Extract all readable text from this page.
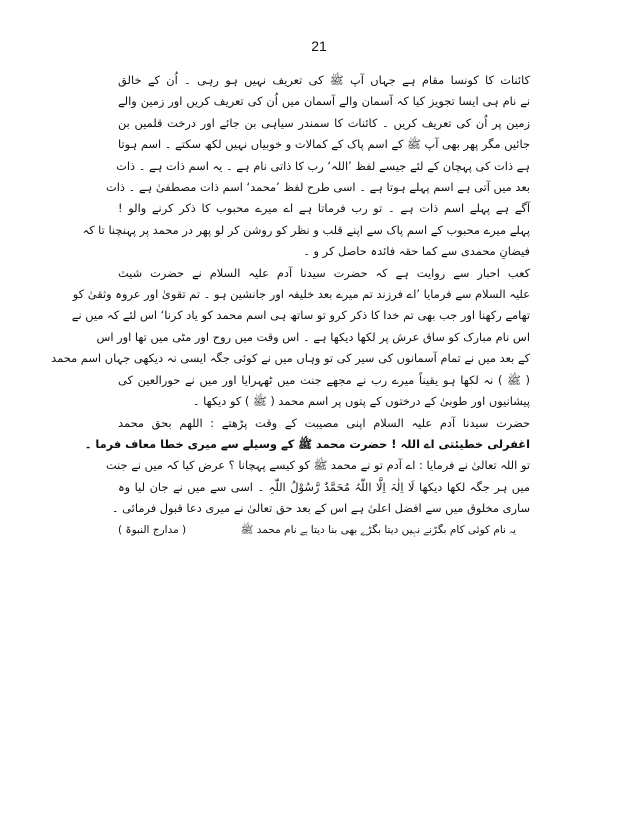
21
کائنات کا کونسا مقام ہے جہاں آپ ﷺ کی تعریف نہیں ہو رہی ۔ اُن کے خالق
نے نام ہی ایسا تجویز کیا کہ آسمان والے آسمان میں اُن کی تعریف کریں اور زمین والے
زمین پر اُن کی تعریف کریں ۔ کائنات کا سمندر سیاہی بن جائے اور درخت قلمیں بن
جائیں مگر پھر بھی آپ ﷺ کے اسم پاک کے کمالات و خوبیاں نہیں لکھ سکتے ۔ اسم ہوتا
ہے ذات کی پہچان کے لئے جیسے لفظ ’اللہ‘ رب کا ذاتی نام ہے ۔ یہ اسم ذات ہے ۔ ذات
بعد میں آتی ہے اسم پہلے ہوتا ہے ۔ اسی طرح لفظ ’محمد‘ اسم ذات مصطفیٰ ہے ۔ ذات
آگے ہے پہلے اسم ذات ہے ۔ تو رب فرماتا ہے اے میرے محبوب کا ذکر کرنے والو !
پہلے میرے محبوب کے اسم پاک سے اپنے قلب و نظر کو روشن کر لو پھر در محمد پر پہنچنا تا کہ
فیضانِ محمدی سے کما حقہ فائدہ حاصل کر و ۔
کعب احبار سے روایت ہے کہ حضرت سیدنا آدم علیہ السلام نے حضرت شیث
علیہ السلام سے فرمایا ’اے فرزند تم میرے بعد خلیفہ اور جانشین ہو ۔ تم تقویٰ اور عروہ وثقیٰ کو
تھامے رکھنا اور جب بھی تم خدا کا ذکر کرو تو ساتھ ہی اسم محمد کو یاد کرنا‘ اس لئے کہ میں نے
اس نام مبارک کو ساق عرش پر لکھا دیکھا ہے ۔ اس وقت میں روح اور مٹی میں تھا اور اس
کے بعد میں نے تمام آسمانوں کی سیر کی تو وہاں میں نے کوئی جگہ ایسی نہ دیکھی جہاں اسم محمد
( ﷺ ) نہ لکھا ہو یقیناً میرے رب نے مجھے جنت میں ٹھہرایا اور میں نے حورالعین کی
پیشانیوں اور طوبیٰ کے درختوں کے پتوں پر اسم محمد ( ﷺ ) کو دیکھا ۔
حضرت سیدنا آدم علیہ السلام اپنی مصیبت کے وقت پڑھتے : اللھم بحق محمد
اغفرلی خطیئتی اے اللہ ! حضرت محمد ﷺ کے وسیلے سے میری خطا معاف فرما ۔
تو اللہ تعالیٰ نے فرمایا : اے آدم تو نے محمد ﷺ کو کیسے پہچانا ؟ عرض کیا کہ میں نے جنت
میں ہر جگہ لکھا دیکھا لَا اِلٰہَ اِلَّا اللّٰہُ مُحَمَّدٌ رَّسُوْلُ اللّٰہِ ۔ اسی سے میں نے جان لیا وہ
ساری مخلوق میں سے افضل اعلیٰ ہے اس کے بعد حق تعالیٰ نے میری دعا قبول فرمائی ۔
یہ نام کوئی کام بگڑنے نہیں دیتا بگڑے بھی بنا دیتا ہے نام محمد ﷺ
( مدارج النبوۃ )
